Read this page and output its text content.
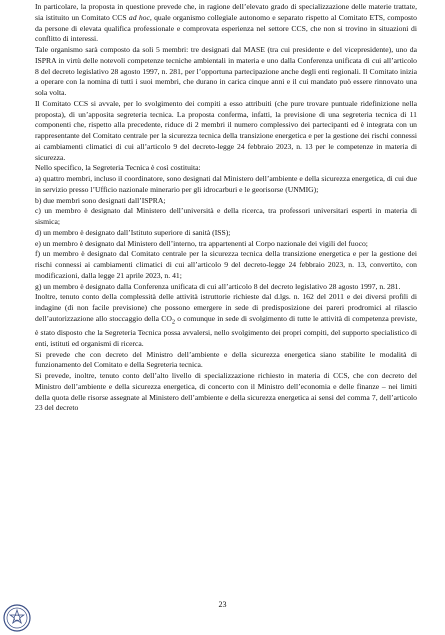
In particolare, la proposta in questione prevede che, in ragione dell’elevato grado di specializzazione delle materie trattate, sia istituito un Comitato CCS ad hoc, quale organismo collegiale autonomo e separato rispetto al Comitato ETS, composto da persone di elevata qualifica professionale e comprovata esperienza nel settore CCS, che non si trovino in situazioni di conflitto di interessi.

Tale organismo sarà composto da soli 5 membri: tre designati dal MASE (tra cui presidente e del vicepresidente), uno da ISPRA in virtù delle notevoli competenze tecniche ambientali in materia e uno dalla Conferenza unificata di cui all’articolo 8 del decreto legislativo 28 agosto 1997, n. 281, per l’opportuna partecipazione anche degli enti regionali. Il Comitato inizia a operare con la nomina di tutti i suoi membri, che durano in carica cinque anni e il cui mandato può essere rinnovato una sola volta.

Il Comitato CCS si avvale, per lo svolgimento dei compiti a esso attribuiti (che pure trovare puntuale ridefinizione nella proposta), di un’apposita segreteria tecnica. La proposta conferma, infatti, la previsione di una segreteria tecnica di 11 componenti che, rispetto alla precedente, riduce di 2 membri il numero complessivo dei partecipanti ed è integrata con un rappresentante del Comitato centrale per la sicurezza tecnica della transizione energetica e per la gestione dei rischi connessi ai cambiamenti climatici di cui all’articolo 9 del decreto-legge 24 febbraio 2023, n. 13 per le competenze in materia di sicurezza.

Nello specifico, la Segreteria Tecnica è così costituita:

a) quattro membri, incluso il coordinatore, sono designati dal Ministero dell’ambiente e della sicurezza energetica, di cui due in servizio presso l’Ufficio nazionale minerario per gli idrocarburi e le georisorse (UNMIG);

b) due membri sono designati dall’ISPRA;

c) un membro è designato dal Ministero dell’università e della ricerca, tra professori universitari esperti in materia di sismica;

d) un membro è designato dall’Istituto superiore di sanità (ISS);

e) un membro è designato dal Ministero dell’interno, tra appartenenti al Corpo nazionale dei vigili del fuoco;

f) un membro è designato dal Comitato centrale per la sicurezza tecnica della transizione energetica e per la gestione dei rischi connessi ai cambiamenti climatici di cui all’articolo 9 del decreto-legge 24 febbraio 2023, n. 13, convertito, con modificazioni, dalla legge 21 aprile 2023, n. 41;

g) un membro è designato dalla Conferenza unificata di cui all’articolo 8 del decreto legislativo 28 agosto 1997, n. 281.

Inoltre, tenuto conto della complessità delle attività istruttorie richieste dal d.lgs. n. 162 del 2011 e dei diversi profili di indagine (di non facile previsione) che possono emergere in sede di predisposizione dei pareri prodromici al rilascio dell’autorizzazione allo stoccaggio della $CO_2$ o comunque in sede di svolgimento di tutte le attività di competenza previste, è stato disposto che la Segreteria Tecnica possa avvalersi, nello svolgimento dei propri compiti, del supporto specialistico di enti, istituti ed organismi di ricerca.

Si prevede che con decreto del Ministro dell’ambiente e della sicurezza energetica siano stabilite le modalità di funzionamento del Comitato e della Segreteria tecnica.

Si prevede, inoltre, tenuto conto dell’alto livello di specializzazione richiesto in materia di CCS, che con decreto del Ministro dell’ambiente e della sicurezza energetica, di concerto con il Ministro dell’economia e delle finanze – nei limiti della quota delle risorse assegnate al Ministero dell’ambiente e della sicurezza energetica ai sensi del comma 7, dell’articolo 23 del decreto

23
